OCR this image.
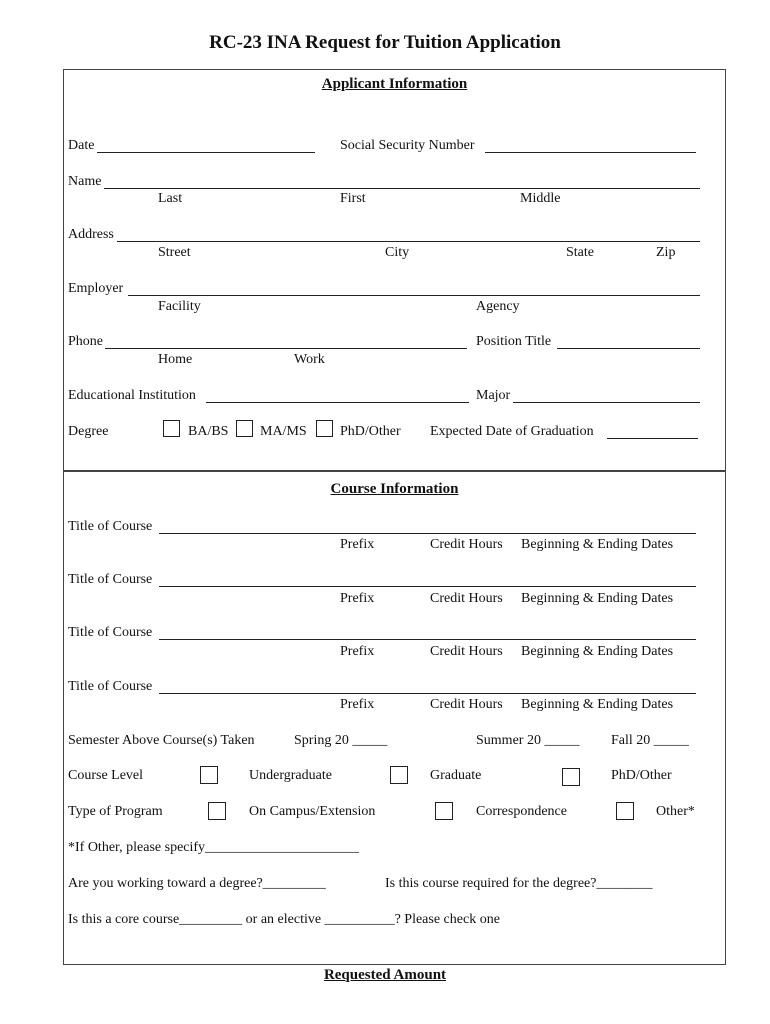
RC-23 INA Request for Tuition Application
Applicant Information
Course Information
Date	Social Security Number
Name
Last	First	Middle
Address
Street	City	State	Zip
Employer
Facility	Agency
Phone	Position Title
Home	Work
Educational Institution	Major
Degree	BA/BS MA/MS PhD/Other Expected Date of Graduation
Title of Course
Prefix	Credit Hours Beginning & Ending Dates
Title of Course
Prefix	Credit Hours Beginning & Ending Dates
Title of Course
Prefix	Credit Hours Beginning & Ending Dates
Title of Course
Prefix	Credit Hours Beginning & Ending Dates
Semester Above Course(s) Taken	Spring 20 _____	Summer 20 _____ Fall 20 _____
Course Level	Undergraduate	Graduate	PhD/Other
Type of Program	On Campus/Extension	Correspondence	Other*
*If Other, please specify______________________
Are you working toward a degree?_________	Is this course required for the degree?________
Is this a core course_________ or an elective __________? Please check one
Requested Amount
